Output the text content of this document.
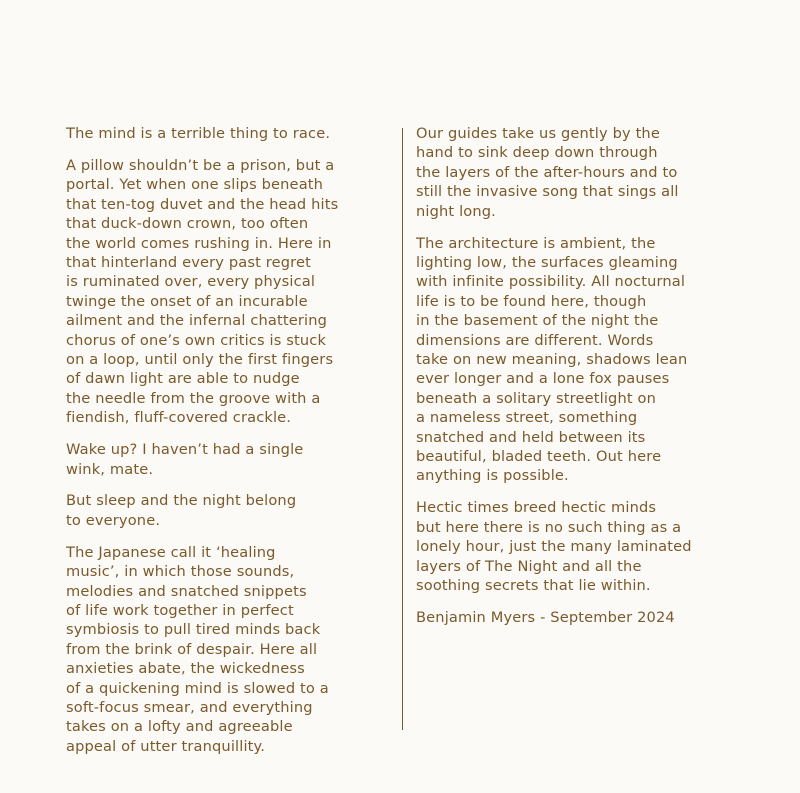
The mind is a terrible thing to race.

A pillow shouldn’t be a prison, but a
portal. Yet when one slips beneath
that ten-tog duvet and the head hits
that duck-down crown, too often
the world comes rushing in. Here in
that hinterland every past regret
is ruminated over, every physical
twinge the onset of an incurable
ailment and the infernal chattering
chorus of one’s own critics is stuck
on a loop, until only the first fingers
of dawn light are able to nudge
the needle from the groove with a
fiendish, fluff-covered crackle.

Wake up? I haven’t had a single
wink, mate.

But sleep and the night belong
to everyone.

The Japanese call it ‘healing
music’, in which those sounds,
melodies and snatched snippets
of life work together in perfect
symbiosis to pull tired minds back
from the brink of despair. Here all
anxieties abate, the wickedness
of a quickening mind is slowed to a
soft-focus smear, and everything
takes on a lofty and agreeable
appeal of utter tranquillity.

Our guides take us gently by the
hand to sink deep down through
the layers of the after-hours and to
still the invasive song that sings all
night long.

The architecture is ambient, the
lighting low, the surfaces gleaming
with infinite possibility. All nocturnal
life is to be found here, though
in the basement of the night the
dimensions are different. Words
take on new meaning, shadows lean
ever longer and a lone fox pauses
beneath a solitary streetlight on
a nameless street, something
snatched and held between its
beautiful, bladed teeth. Out here
anything is possible.

Hectic times breed hectic minds
but here there is no such thing as a
lonely hour, just the many laminated
layers of The Night and all the
soothing secrets that lie within.

Benjamin Myers - September 2024
